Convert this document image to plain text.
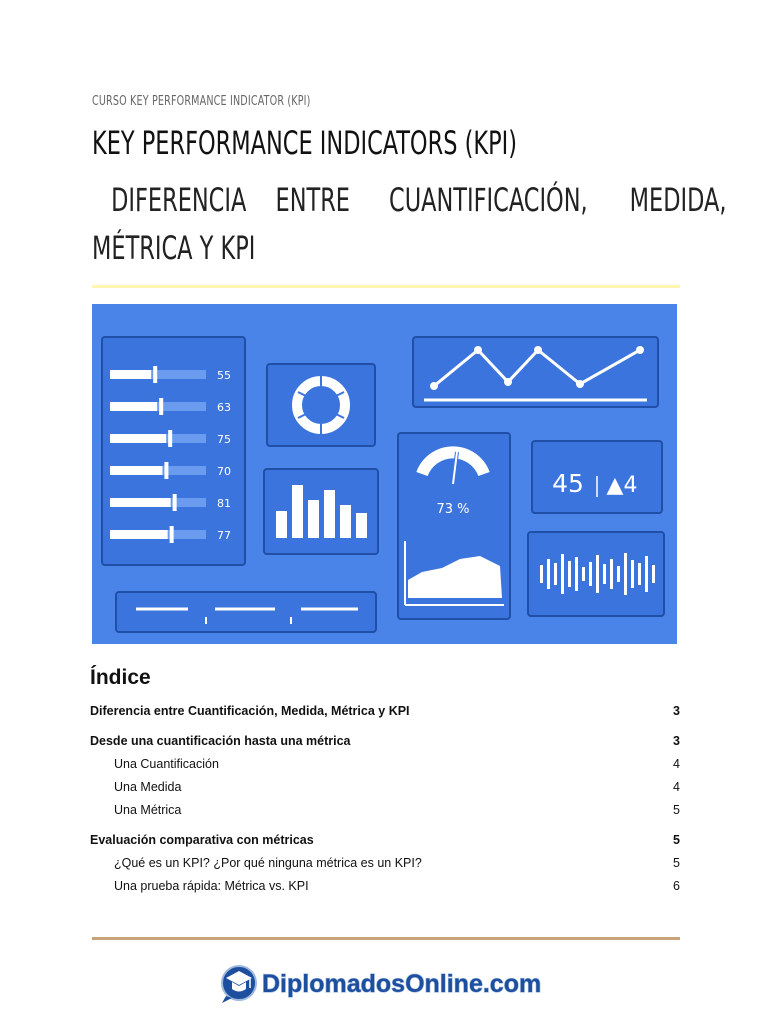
CURSO KEY PERFORMANCE INDICATOR (KPI)
KEY PERFORMANCE INDICATORS (KPI)
DIFERENCIA ENTRE CUANTIFICACIÓN, MEDIDA,
MÉTRICA Y KPI
55
63
75
70
81
77
73 %
45 ▲4
Índice
Diferencia entre Cuantificación, Medida, Métrica y KPI	3
Desde una cuantificación hasta una métrica	3
Una Cuantificación	4
Una Medida	4
Una Métrica	5
Evaluación comparativa con métricas	5
¿Qué es un KPI? ¿Por qué ninguna métrica es un KPI?	5
Una prueba rápida: Métrica vs. KPI	6
DiplomadosOnline.com
